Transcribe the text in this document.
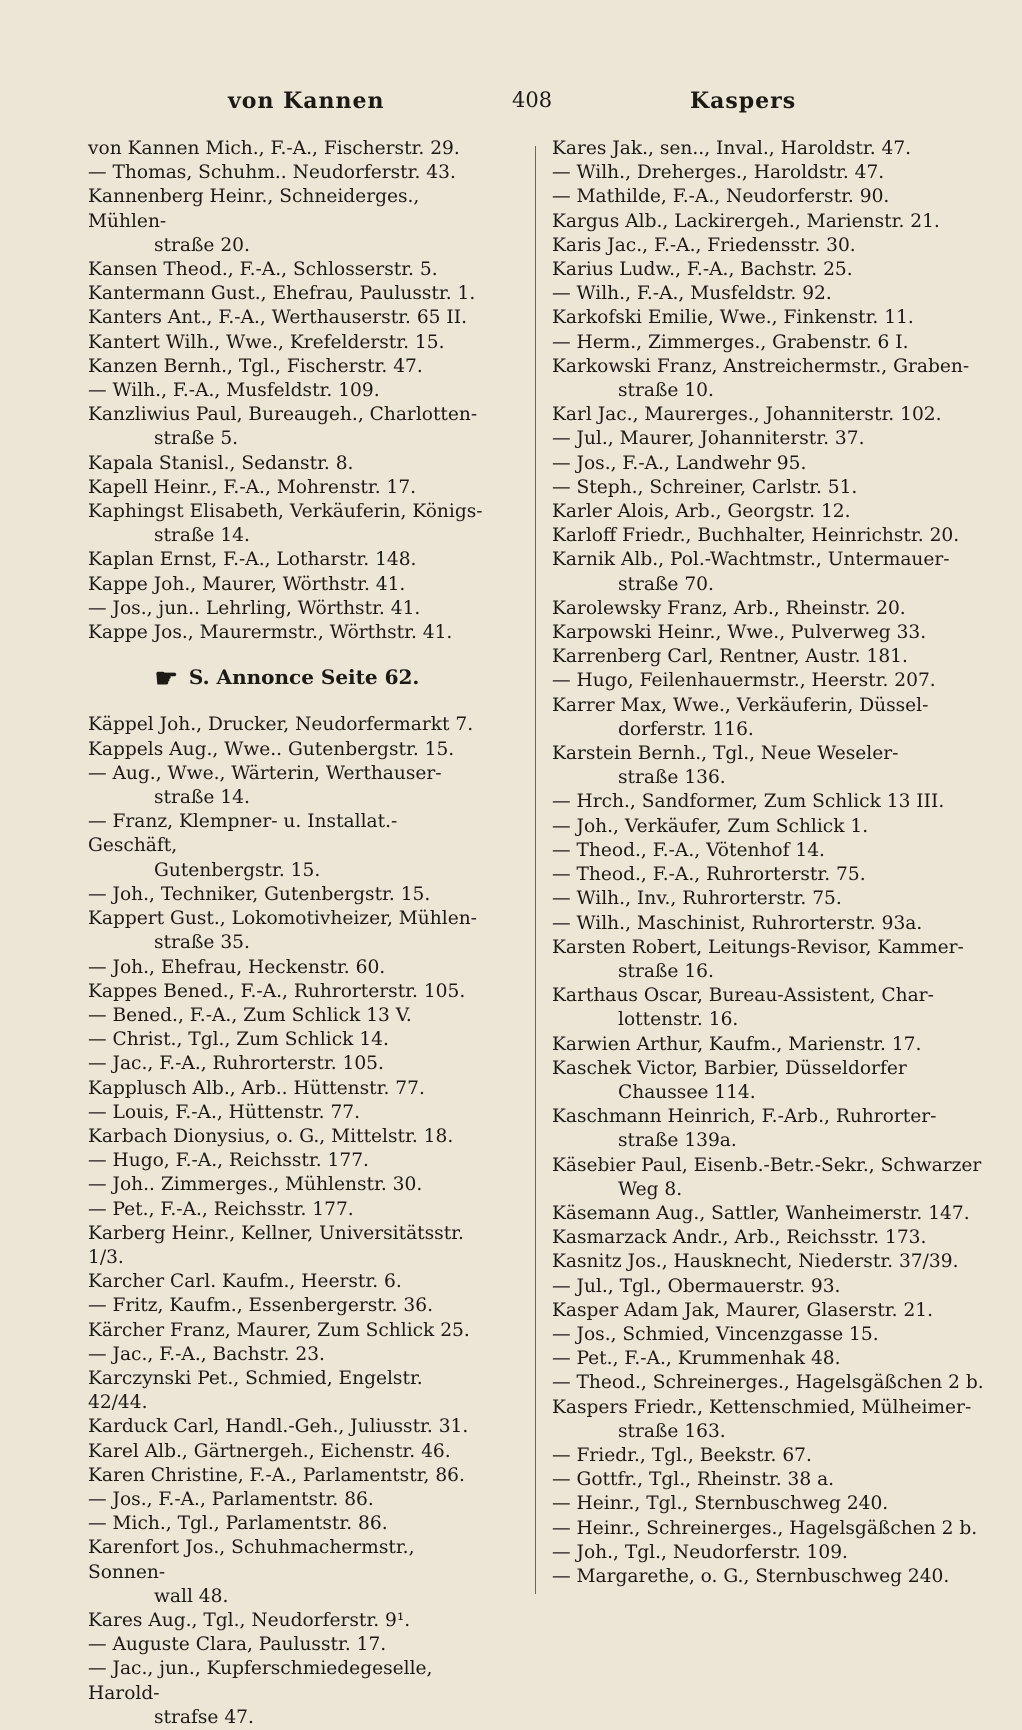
von Kannen	408	Kaspers
von Kannen Mich., F.-A., Fischerstr. 29.
— Thomas, Schuhm.. Neudorferstr. 43.
Kannenberg Heinr., Schneiderges., Mühlen-
straße 20.
Kansen Theod., F.-A., Schlosserstr. 5.
Kantermann Gust., Ehefrau, Paulusstr. 1.
Kanters Ant., F.-A., Werthauserstr. 65 II.
Kantert Wilh., Wwe., Krefelderstr. 15.
Kanzen Bernh., Tgl., Fischerstr. 47.
— Wilh., F.-A., Musfeldstr. 109.
Kanzliwius Paul, Bureaugeh., Charlotten-
straße 5.
Kapala Stanisl., Sedanstr. 8.
Kapell Heinr., F.-A., Mohrenstr. 17.
Kaphingst Elisabeth, Verkäuferin, Königs-
straße 14.
Kaplan Ernst, F.-A., Lotharstr. 148.
Kappe Joh., Maurer, Wörthstr. 41.
— Jos., jun.. Lehrling, Wörthstr. 41.
Kappe Jos., Maurermstr., Wörthstr. 41.
☛ S. Annonce Seite 62.
Käppel Joh., Drucker, Neudorfermarkt 7.
Kappels Aug., Wwe.. Gutenbergstr. 15.
— Aug., Wwe., Wärterin, Werthauser-
straße 14.
— Franz, Klempner- u. Installat.-Geschäft,
Gutenbergstr. 15.
— Joh., Techniker, Gutenbergstr. 15.
Kappert Gust., Lokomotivheizer, Mühlen-
straße 35.
— Joh., Ehefrau, Heckenstr. 60.
Kappes Bened., F.-A., Ruhrorterstr. 105.
— Bened., F.-A., Zum Schlick 13 V.
— Christ., Tgl., Zum Schlick 14.
— Jac., F.-A., Ruhrorterstr. 105.
Kapplusch Alb., Arb.. Hüttenstr. 77.
— Louis, F.-A., Hüttenstr. 77.
Karbach Dionysius, o. G., Mittelstr. 18.
— Hugo, F.-A., Reichsstr. 177.
— Joh.. Zimmerges., Mühlenstr. 30.
— Pet., F.-A., Reichsstr. 177.
Karberg Heinr., Kellner, Universitätsstr. 1/3.
Karcher Carl. Kaufm., Heerstr. 6.
— Fritz, Kaufm., Essenbergerstr. 36.
Kärcher Franz, Maurer, Zum Schlick 25.
— Jac., F.-A., Bachstr. 23.
Karczynski Pet., Schmied, Engelstr. 42/44.
Karduck Carl, Handl.-Geh., Juliusstr. 31.
Karel Alb., Gärtnergeh., Eichenstr. 46.
Karen Christine, F.-A., Parlamentstr, 86.
— Jos., F.-A., Parlamentstr. 86.
— Mich., Tgl., Parlamentstr. 86.
Karenfort Jos., Schuhmachermstr., Sonnen-
wall 48.
Kares Aug., Tgl., Neudorferstr. 9¹.
— Auguste Clara, Paulusstr. 17.
— Jac., jun., Kupferschmiedegeselle, Harold-
strafse 47.
Kares Jak., sen.., Inval., Haroldstr. 47.
— Wilh., Dreherges., Haroldstr. 47.
— Mathilde, F.-A., Neudorferstr. 90.
Kargus Alb., Lackirergeh., Marienstr. 21.
Karis Jac., F.-A., Friedensstr. 30.
Karius Ludw., F.-A., Bachstr. 25.
— Wilh., F.-A., Musfeldstr. 92.
Karkofski Emilie, Wwe., Finkenstr. 11.
— Herm., Zimmerges., Grabenstr. 6 I.
Karkowski Franz, Anstreichermstr., Graben-
straße 10.
Karl Jac., Maurerges., Johanniterstr. 102.
— Jul., Maurer, Johanniterstr. 37.
— Jos., F.-A., Landwehr 95.
— Steph., Schreiner, Carlstr. 51.
Karler Alois, Arb., Georgstr. 12.
Karloff Friedr., Buchhalter, Heinrichstr. 20.
Karnik Alb., Pol.-Wachtmstr., Untermauer-
straße 70.
Karolewsky Franz, Arb., Rheinstr. 20.
Karpowski Heinr., Wwe., Pulverweg 33.
Karrenberg Carl, Rentner, Austr. 181.
— Hugo, Feilenhauermstr., Heerstr. 207.
Karrer Max, Wwe., Verkäuferin, Düssel-
dorferstr. 116.
Karstein Bernh., Tgl., Neue Weseler-
straße 136.
— Hrch., Sandformer, Zum Schlick 13 III.
— Joh., Verkäufer, Zum Schlick 1.
— Theod., F.-A., Vötenhof 14.
— Theod., F.-A., Ruhrorterstr. 75.
— Wilh., Inv., Ruhrorterstr. 75.
— Wilh., Maschinist, Ruhrorterstr. 93a.
Karsten Robert, Leitungs-Revisor, Kammer-
straße 16.
Karthaus Oscar, Bureau-Assistent, Char-
lottenstr. 16.
Karwien Arthur, Kaufm., Marienstr. 17.
Kaschek Victor, Barbier, Düsseldorfer
Chaussee 114.
Kaschmann Heinrich, F.-Arb., Ruhrorter-
straße 139a.
Käsebier Paul, Eisenb.-Betr.-Sekr., Schwarzer
Weg 8.
Käsemann Aug., Sattler, Wanheimerstr. 147.
Kasmarzack Andr., Arb., Reichsstr. 173.
Kasnitz Jos., Hausknecht, Niederstr. 37/39.
— Jul., Tgl., Obermauerstr. 93.
Kasper Adam Jak, Maurer, Glaserstr. 21.
— Jos., Schmied, Vincenzgasse 15.
— Pet., F.-A., Krummenhak 48.
— Theod., Schreinerges., Hagelsgäßchen 2 b.
Kaspers Friedr., Kettenschmied, Mülheimer-
straße 163.
— Friedr., Tgl., Beekstr. 67.
— Gottfr., Tgl., Rheinstr. 38 a.
— Heinr., Tgl., Sternbuschweg 240.
— Heinr., Schreinerges., Hagelsgäßchen 2 b.
— Joh., Tgl., Neudorferstr. 109.
— Margarethe, o. G., Sternbuschweg 240.
